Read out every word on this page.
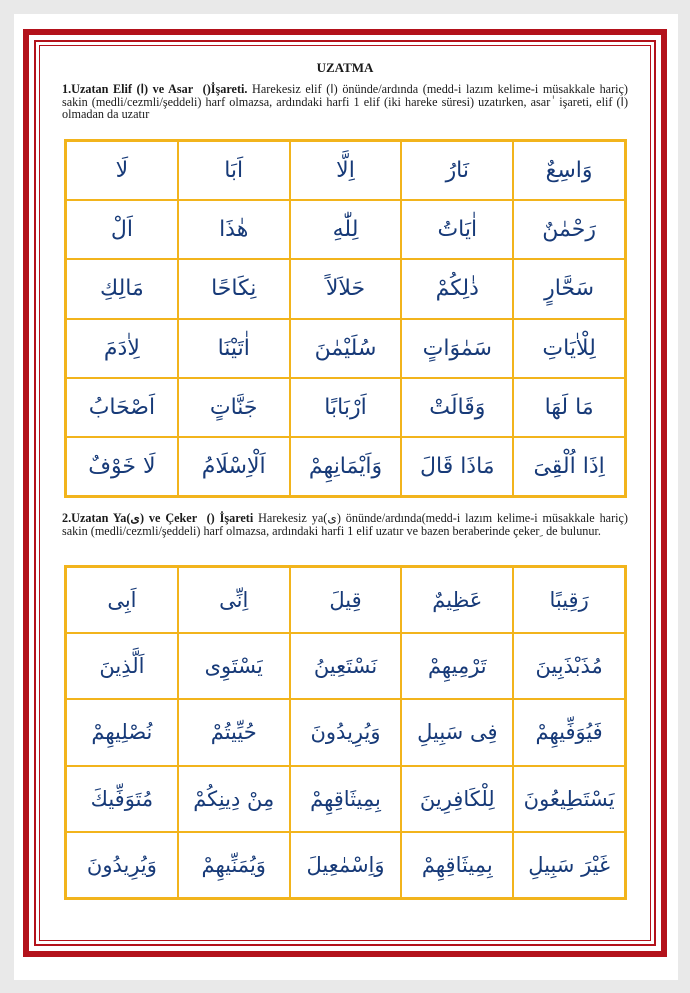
UZATMA
1.Uzatan Elif (ا) ve Asar(ٰ)İşareti. Harekesiz elif (ا) önünde/ardında (medd-i lazım kelime-i müsakkale hariç) sakin (medli/cezmli/şeddeli) harf olmazsa, ardındaki harfi 1 elif (iki hareke süresi) uzatırken, asar ٰ işareti, elif (ا) olmadan da uzatır
لَا	اَبَا	اِلَّا	نَارُ	وَاسِعٌ
اَلْ	هٰذَا	لِلّٰهِ	اٰيَاتُ	رَحْمٰنٌ
مَالِكِ	نِكَاحًا	حَلاَلاً	ذٰلِكُمْ	سَحَّارٍ
لِاٰدَمَ	اٰتَيْنَا	سُلَيْمٰنَ	سَمٰوَاتٍ	لِلْاٰيَاتِ
اَصْحَابُ	جَنَّاتٍ	اَرْبَابًا	وَقَالَتْ	مَا لَهَا
لَا خَوْفٌ	اَلْاِسْلَامُ	وَاَيْمَانِهِمْ	مَاذَا قَالَ	اِذَا اُلْقِىَ
2.Uzatan Ya(ى) ve Çeker(ِ) İşareti Harekesiz ya(ى) önünde/ardında(medd-i lazım kelime-i müsakkale hariç) sakin (medli/cezmli/şeddeli) harf olmazsa, ardındaki harfi 1 elif uzatır ve bazen beraberinde çeker ِ de bulunur.
اَبِى	اِنِّى	قِيلَ	عَظِيمٌ	رَقِيبًا
اَلَّذِينَ	يَسْتَوِى	نَسْتَعِينُ	تَرْمِيهِمْ	مُذَبْذَبِينَ
نُصْلِيهِمْ	حُيِّيتُمْ	وَيُرِيدُونَ	فِى سَبِيلِ	فَيُوَفِّيهِمْ
مُتَوَفِّيكَ	مِنْ دِينِكُمْ	بِمِيثَاقِهِمْ	لِلْكَافِرِينَ	يَسْتَطِيعُونَ
وَيُرِيدُونَ	وَيُمَنِّيهِمْ	وَاِسْمٰعِيلَ	بِمِيثَاقِهِمْ	غَيْرَ سَبِيلِ
